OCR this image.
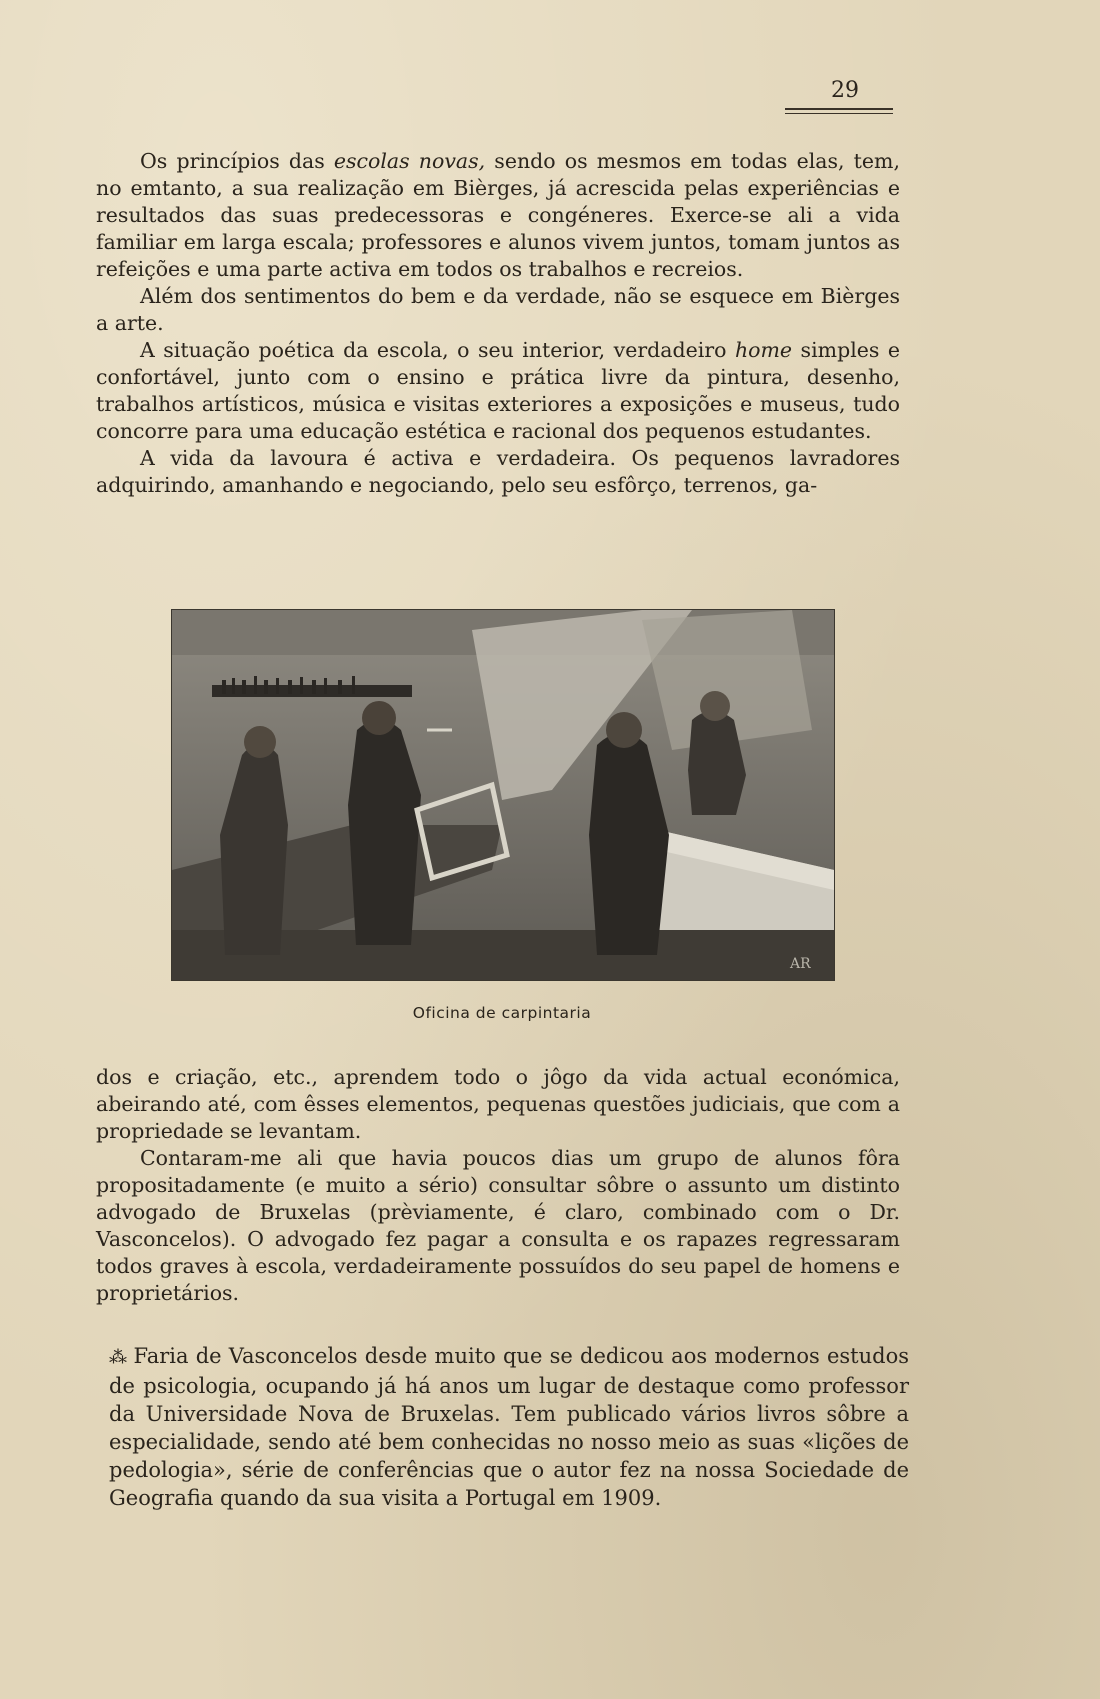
29

Os princípios das escolas novas, sendo os mesmos em todas elas, tem, no emtanto, a sua realização em Bièrges, já acrescida pelas experiências e resultados das suas predecessoras e congéneres. Exerce-se ali a vida familiar em larga escala; professores e alunos vivem juntos, tomam juntos as refeições e uma parte activa em todos os trabalhos e recreios.

Além dos sentimentos do bem e da verdade, não se esquece em Bièrges a arte.

A situação poética da escola, o seu interior, verdadeiro home simples e confortável, junto com o ensino e prática livre da pintura, desenho, trabalhos artísticos, música e visitas exteriores a exposições e museus, tudo concorre para uma educação estética e racional dos pequenos estudantes.

A vida da lavoura é activa e verdadeira. Os pequenos lavradores adquirindo, amanhando e negociando, pelo seu esfôrço, terrenos, ga-

AR
Oficina de carpintaria

dos e criação, etc., aprendem todo o jôgo da vida actual económica, abeirando até, com êsses elementos, pequenas questões judiciais, que com a propriedade se levantam.

Contaram-me ali que havia poucos dias um grupo de alunos fôra propositadamente (e muito a sério) consultar sôbre o assunto um distinto advogado de Bruxelas (prèviamente, é claro, combinado com o Dr. Vasconcelos). O advogado fez pagar a consulta e os rapazes regressaram todos graves à escola, verdadeiramente possuídos do seu papel de homens e proprietários.

⁂ Faria de Vasconcelos desde muito que se dedicou aos modernos estudos de psicologia, ocupando já há anos um lugar de destaque como professor da Universidade Nova de Bruxelas. Tem publicado vários livros sôbre a especialidade, sendo até bem conhecidas no nosso meio as suas «lições de pedologia», série de conferências que o autor fez na nossa Sociedade de Geografia quando da sua visita a Portugal em 1909.
